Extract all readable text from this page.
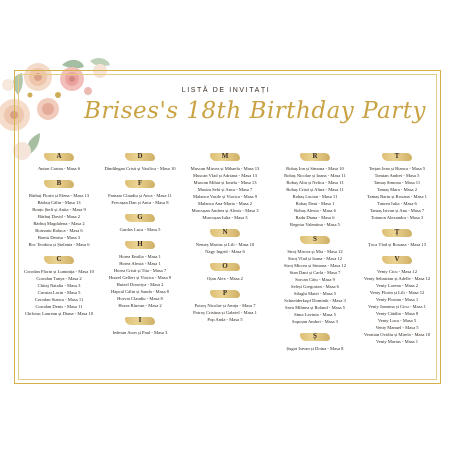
LISTĂ DE INVITAȚI
Brises's 18th Birthday Party
A
Anton Carina - Masa 6
B
Bărbuț Florin și Elena - Masa 13
Bărbuț Călin - Masa 13
Bonțo Ștefi și Anita - Masa 9
Bărbuț David - Masa 2
Bărbuț Magdalena - Masa 2
Botezatu Raluca - Masa 6
Bontu Denisa - Masa 3
Boc Teodora și Ștefania - Masa 6
C
Corodan Florin și Luminița - Masa 10
Corodan Tanya - Masa 2
Chitaj Natalia - Masa 3
Cucuiat Lorin - Masa 5
Corodan Stanca - Masa 11
Corodan Denis - Masa 11
Chifoiuc Laurean și Diana - Masa 10
D
Dindilegan Cristi și Vasilica - Masa 10
F
Franzar Claudiu și Anca - Masa 11
Frecașan Dan și Anca - Masa 8
G
Gardos Luca - Masa 5
H
Horea Emilia - Masa 1
Horea Alexia - Masa 1
Horea Cristi și Tita - Masa 7
Hutzel Gellert și Viorica - Masa 9
Hutzel Dorottya - Masa 2
Hapcal Călin și Sanda - Masa 8
Horvat Claudiu - Masa 8
Horea Răzvan - Masa 2
I
Iederan Aron și Paul - Masa 3
M
Muscan Mircea și Mihaela - Masa 13
Muscan Vlad și Adriana - Masa 13
Muscan Mihai și Ionela - Masa 13
Maxim Sebi și Anca - Masa 7
Malanca Vasile și Viorica - Masa 9
Malanca Ana-Maria - Masa 2
Murcușan Andrea și Alexis - Masa 3
Murcușan Iulia - Masa 3
N
Nemeș Marius și Lili - Masa 10
Nagy Ingrid - Masa 6
O
Oțan Alex - Masa 2
P
Potroș Nicolae și Amița - Masa 7
Potroș Cristina și Gabriel - Masa 1
Pop Anda - Masa 5
R
Robaș Ion și Simona - Masa 10
Robaș Nicolae și Ioana - Masa 11
Robaș Alin și Nelica - Masa 11
Robaș Cristi și Alina - Masa 11
Robaș Lucian - Masa 11
Robaș Dani - Masa 1
Robaș Alexia - Masa 6
Radu Diana - Masa 6
Regetar Valentina - Masa 5
S
Stroț Mircea și Mia - Masa 12
Stroț Vlad și Ioana - Masa 12
Stroț Mircea și Simona - Masa 12
Stan Dani și Carla - Masa 7
Sorcan Cătu - Masa 9
Seleși Gregorian - Masa 6
Silaghi Matei - Masa 5
Schneiderkopf Dominik - Masa 3
Sava Mihnea și Roland - Masa 5
Sima Lavinia - Masa 5
Sopoțan Andrei - Masa 3
Ș
Șugot Istvan și Doina - Masa 8
T
Terțan Jean și Bianca - Masa 5
Tomian Andrei - Masa 5
Tamaș Simona - Masa 11
Tamaș Mara - Masa 2
Tamaș Bartu și Roxana - Masa 1
Tunrea Iulia - Masa 6
Tamaș Istvan și Ana - Masa 7
Toianon Alexandra - Masa 3
Ț
Țoca Vlad și Roxana - Masa 13
V
Venty Cicu - Masa 12
Venty Sebastian și Adelle - Masa 12
Venty Lorena - Masa 2
Venty Florin și Lili - Masa 12
Venty Florian - Masa 1
Venty Jasmina și Cicu - Masa 1
Venty Cătălin - Masa 8
Venty Luca - Masa 5
Venty Manuel - Masa 5
Veratian Ovidiu și Mirela - Masa 10
Venty Marius - Masa 1
